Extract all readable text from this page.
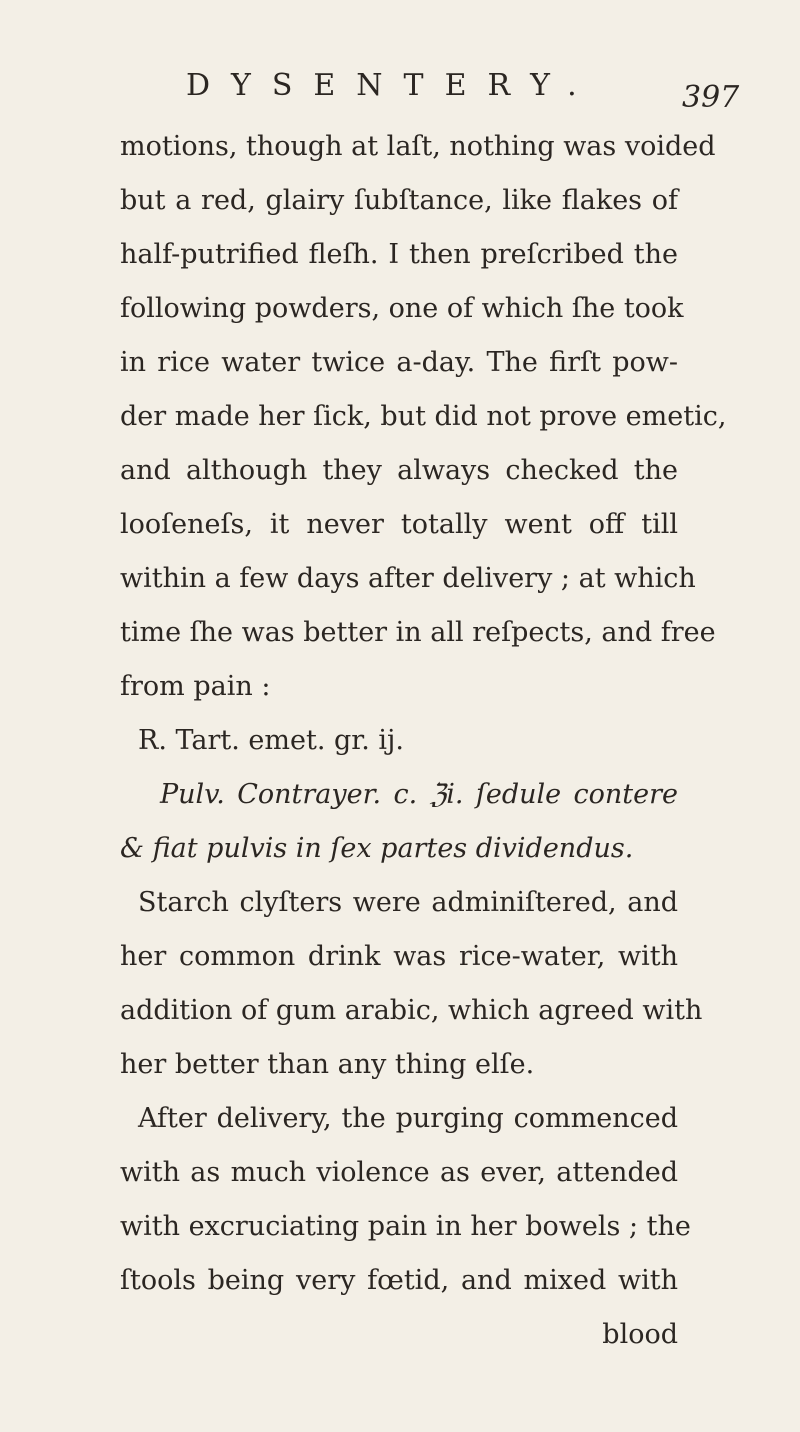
DYSENTERY.	397
motions, though at laſt, nothing was voided
but a red, glairy ſubſtance, like flakes of
half-putrified fleſh. I then preſcribed the
following powders, one of which ſhe took
in rice water twice a-day. The firſt pow-
der made her ſick, but did not prove emetic,
and although they always checked the
looſeneſs, it never totally went off till
within a few days after delivery ; at which
time ſhe was better in all reſpects, and free
from pain :
R. Tart. emet. gr. ij.
Pulv. Contrayer. c. ℨi. ſedule contere
& fiat pulvis in ſex partes dividendus.
Starch clyſters were adminiſtered, and
her common drink was rice-water, with
addition of gum arabic, which agreed with
her better than any thing elſe.
After delivery, the purging commenced
with as much violence as ever, attended
with excruciating pain in her bowels ; the
ſtools being very fœtid, and mixed with
blood
